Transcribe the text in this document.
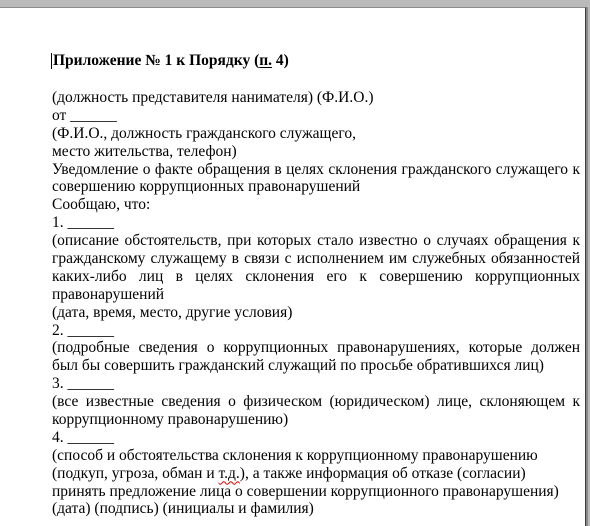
Приложение № 1 к Порядку (п. 4)
(должность представителя нанимателя) (Ф.И.О.)
от ______
(Ф.И.О., должность гражданского служащего,
место жительства, телефон)
Уведомление о факте обращения в целях склонения гражданского служащего к
совершению коррупционных правонарушений
Сообщаю, что:
1. ______
(описание обстоятельств, при которых стало известно о случаях обращения к
гражданскому служащему в связи с исполнением им служебных обязанностей
каких-либо лиц в целях склонения его к совершению коррупционных
правонарушений
(дата, время, место, другие условия)
2. ______
(подробные сведения о коррупционных правонарушениях, которые должен
был бы совершить гражданский служащий по просьбе обратившихся лиц)
3. ______
(все известные сведения о физическом (юридическом) лице, склоняющем к
коррупционному правонарушению)
4. ______
(способ и обстоятельства склонения к коррупционному правонарушению
(подкуп, угроза, обман и т.д.), а также информация об отказе (согласии)
принять предложение лица о совершении коррупционного правонарушения)
(дата) (подпись) (инициалы и фамилия)
